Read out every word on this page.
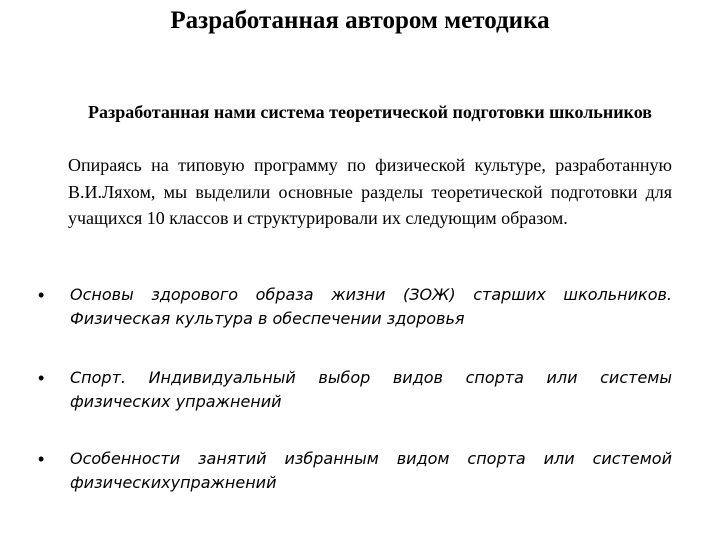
Разработанная автором методика

Разработанная нами система теоретической подготовки школьников

Опираясь на типовую программу по физической культуре, разработанную В.И.Ляхом, мы выделили основные разделы теоретической подготовки для учащихся 10 классов и структурировали их следующим образом.

• Основы здорового образа жизни (ЗОЖ) старших школьников. Физическая культура в обеспечении здоровья
• Спорт. Индивидуальный выбор видов спорта или системы физических упражнений
• Особенности занятий избранным видом спорта или системой физическихупражнений
